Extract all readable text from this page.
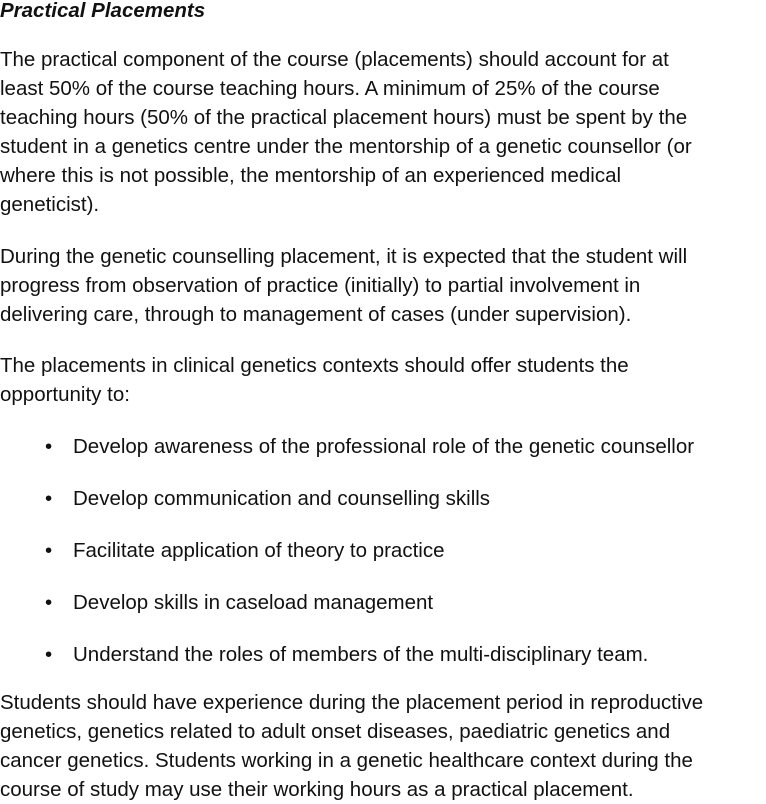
Practical Placements

The practical component of the course (placements) should account for at
least 50% of the course teaching hours. A minimum of 25% of the course
teaching hours (50% of the practical placement hours) must be spent by the
student in a genetics centre under the mentorship of a genetic counsellor (or
where this is not possible, the mentorship of an experienced medical
geneticist).

During the genetic counselling placement, it is expected that the student will
progress from observation of practice (initially) to partial involvement in
delivering care, through to management of cases (under supervision).

The placements in clinical genetics contexts should offer students the
opportunity to:

• Develop awareness of the professional role of the genetic counsellor
• Develop communication and counselling skills
• Facilitate application of theory to practice
• Develop skills in caseload management
• Understand the roles of members of the multi-disciplinary team.

Students should have experience during the placement period in reproductive
genetics, genetics related to adult onset diseases, paediatric genetics and
cancer genetics. Students working in a genetic healthcare context during the
course of study may use their working hours as a practical placement.
